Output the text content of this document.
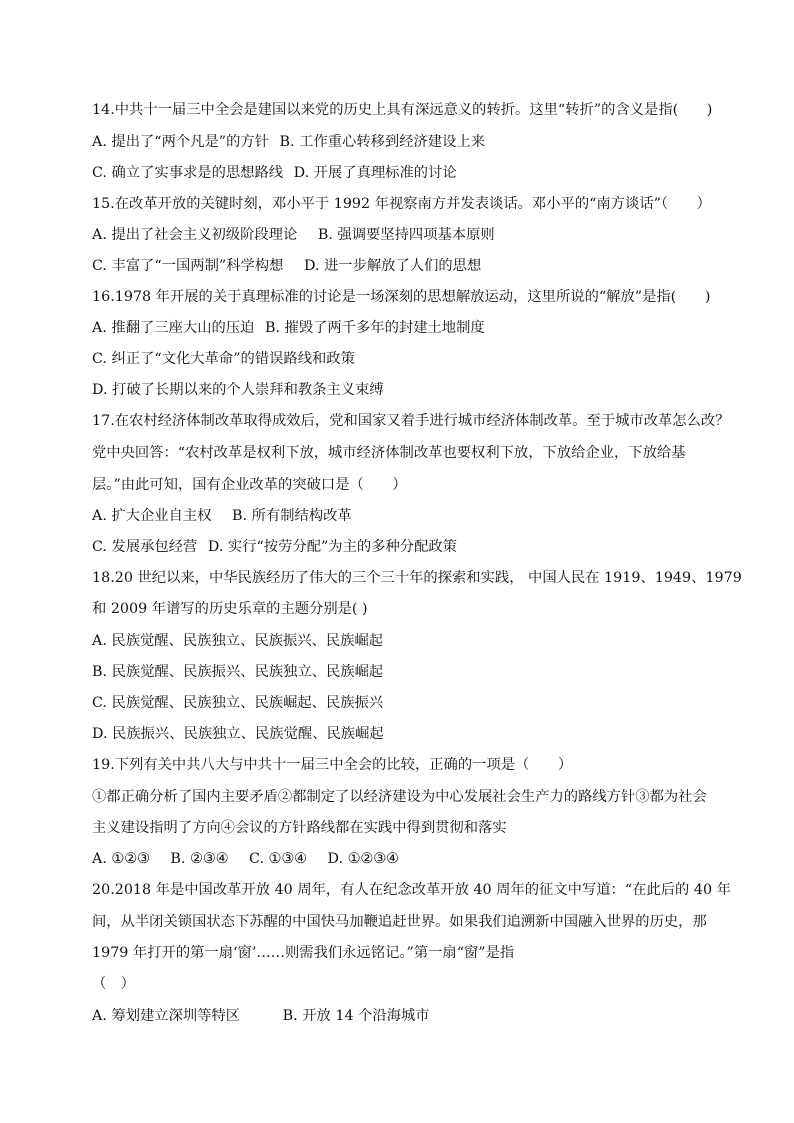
14.中共十一届三中全会是建国以来党的历史上具有深远意义的转折。这里“转折”的含义是指(　　)
A. 提出了“两个凡是”的方针 B. 工作重心转移到经济建设上来
C. 确立了实事求是的思想路线 D. 开展了真理标准的讨论
15.在改革开放的关键时刻，邓小平于 1992 年视察南方并发表谈话。邓小平的“南方谈话”（　　）
A. 提出了社会主义初级阶段理论 B. 强调要坚持四项基本原则
C. 丰富了“一国两制”科学构想 D. 进一步解放了人们的思想
16.1978 年开展的关于真理标准的讨论是一场深刻的思想解放运动，这里所说的“解放”是指(　　)
A. 推翻了三座大山的压迫 B. 摧毁了两千多年的封建土地制度
C. 纠正了“文化大革命”的错误路线和政策
D. 打破了长期以来的个人崇拜和教条主义束缚
17.在农村经济体制改革取得成效后，党和国家又着手进行城市经济体制改革。至于城市改革怎么改？
党中央回答：“农村改革是权利下放，城市经济体制改革也要权利下放，下放给企业，下放给基
层。”由此可知，国有企业改革的突破口是（　　）
A. 扩大企业自主权 B. 所有制结构改革
C. 发展承包经营 D. 实行“按劳分配”为主的多种分配政策
18.20 世纪以来，中华民族经历了伟大的三个三十年的探索和实践， 中国人民在 1919、1949、1979
和 2009 年谱写的历史乐章的主题分别是( )
A. 民族觉醒、民族独立、民族振兴、民族崛起
B. 民族觉醒、民族振兴、民族独立、民族崛起
C. 民族觉醒、民族独立、民族崛起、民族振兴
D. 民族振兴、民族独立、民族觉醒、民族崛起
19.下列有关中共八大与中共十一届三中全会的比较，正确的一项是（　　）
①都正确分析了国内主要矛盾②都制定了以经济建设为中心发展社会生产力的路线方针③都为社会
主义建设指明了方向④会议的方针路线都在实践中得到贯彻和落实
A. ①②③ B. ②③④ C. ①③④ D. ①②③④
20.2018 年是中国改革开放 40 周年，有人在纪念改革开放 40 周年的征文中写道：“在此后的 40 年
间，从半闭关锁国状态下苏醒的中国快马加鞭追赶世界。如果我们追溯新中国融入世界的历史，那
1979 年打开的第一扇‘窗’……则需我们永远铭记。”第一扇“窗”是指
（　）
A. 筹划建立深圳等特区	B. 开放 14 个沿海城市
